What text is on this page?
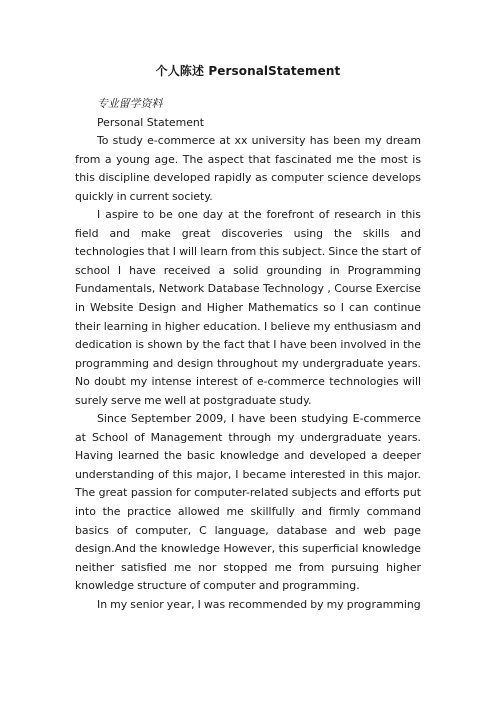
个人陈述 PersonalStatement

专业留学资料

Personal Statement

To study e-commerce at xx university has been my dream from a young age. The aspect that fascinated me the most is this discipline developed rapidly as computer science develops quickly in current society.

I aspire to be one day at the forefront of research in this field and make great discoveries using the skills and technologies that I will learn from this subject. Since the start of school I have received a solid grounding in Programming Fundamentals, Network Database Technology , Course Exercise in Website Design and Higher Mathematics so I can continue their learning in higher education. I believe my enthusiasm and dedication is shown by the fact that I have been involved in the programming and design throughout my undergraduate years. No doubt my intense interest of e-commerce technologies will surely serve me well at postgraduate study.

Since September 2009, I have been studying E-commerce at School of Management through my undergraduate years. Having learned the basic knowledge and developed a deeper understanding of this major, I became interested in this major. The great passion for computer-related subjects and efforts put into the practice allowed me skillfully and firmly command basics of computer, C language, database and web page design.And the knowledge However, this superficial knowledge neither satisfied me nor stopped me from pursuing higher knowledge structure of computer and programming.

In my senior year, I was recommended by my programming
